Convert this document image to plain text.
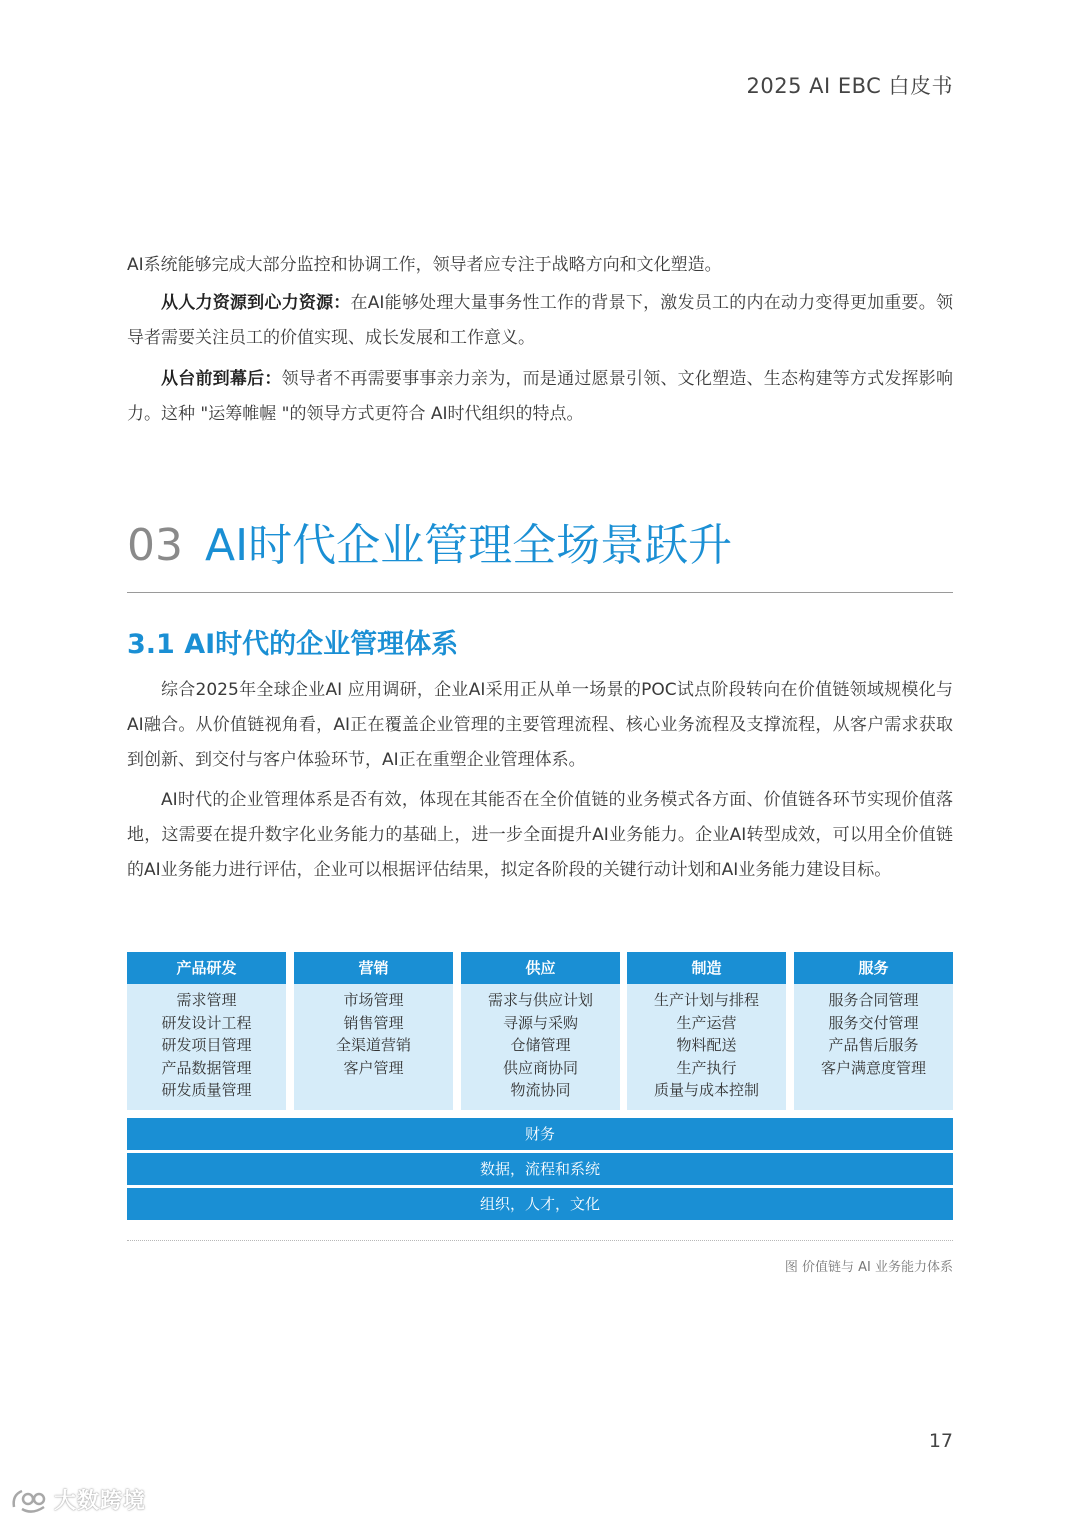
2025 AI EBC 白皮书

AI系统能够完成大部分监控和协调工作，领导者应专注于战略方向和文化塑造。

从人力资源到心力资源：在AI能够处理大量事务性工作的背景下，激发员工的内在动力变得更加重要。领导者需要关注员工的价值实现、成长发展和工作意义。

从台前到幕后：领导者不再需要事事亲力亲为，而是通过愿景引领、文化塑造、生态构建等方式发挥影响力。这种 "运筹帷幄 "的领导方式更符合 AI时代组织的特点。

03 AI时代企业管理全场景跃升
3.1 AI时代的企业管理体系

综合2025年全球企业AI 应用调研，企业AI采用正从单一场景的POC试点阶段转向在价值链领域规模化与AI融合。从价值链视角看，AI正在覆盖企业管理的主要管理流程、核心业务流程及支撑流程，从客户需求获取到创新、到交付与客户体验环节，AI正在重塑企业管理体系。

AI时代的企业管理体系是否有效，体现在其能否在全价值链的业务模式各方面、价值链各环节实现价值落地，这需要在提升数字化业务能力的基础上，进一步全面提升AI业务能力。企业AI转型成效，可以用全价值链的AI业务能力进行评估，企业可以根据评估结果，拟定各阶段的关键行动计划和AI业务能力建设目标。

产品研发
需求管理
研发设计工程
研发项目管理
产品数据管理
研发质量管理
营销
市场管理
销售管理
全渠道营销
客户管理
供应
需求与供应计划
寻源与采购
仓储管理
供应商协同
物流协同
制造
生产计划与排程
生产运营
物料配送
生产执行
质量与成本控制
服务
服务合同管理
服务交付管理
产品售后服务
客户满意度管理
财务
数据，流程和系统
组织，人才，文化
图 价值链与 AI 业务能力体系
17
大数跨境
